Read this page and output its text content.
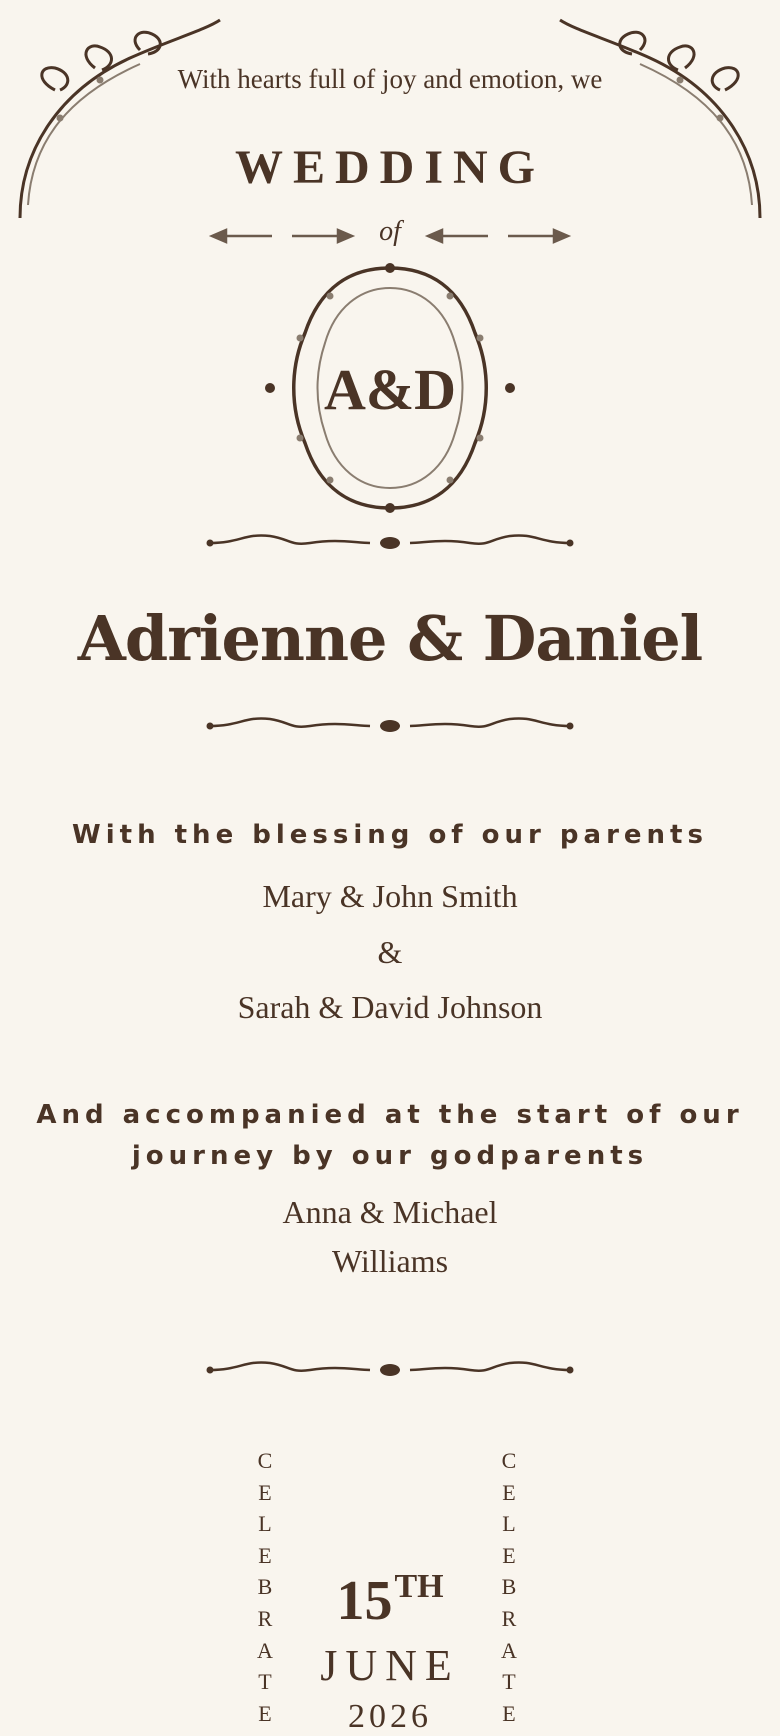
With hearts full of joy and emotion, we
WEDDING
of
A&D
Adrienne & Daniel
With the blessing of our parents
Mary & John Smith
&
Sarah & David Johnson
And accompanied at the start of our
journey by our godparents
Anna & Michael
Williams
C
E
L
E
B
R
A
T
E
C
E
L
E
B
R
A
T
E
15TH
JUNE
2026
